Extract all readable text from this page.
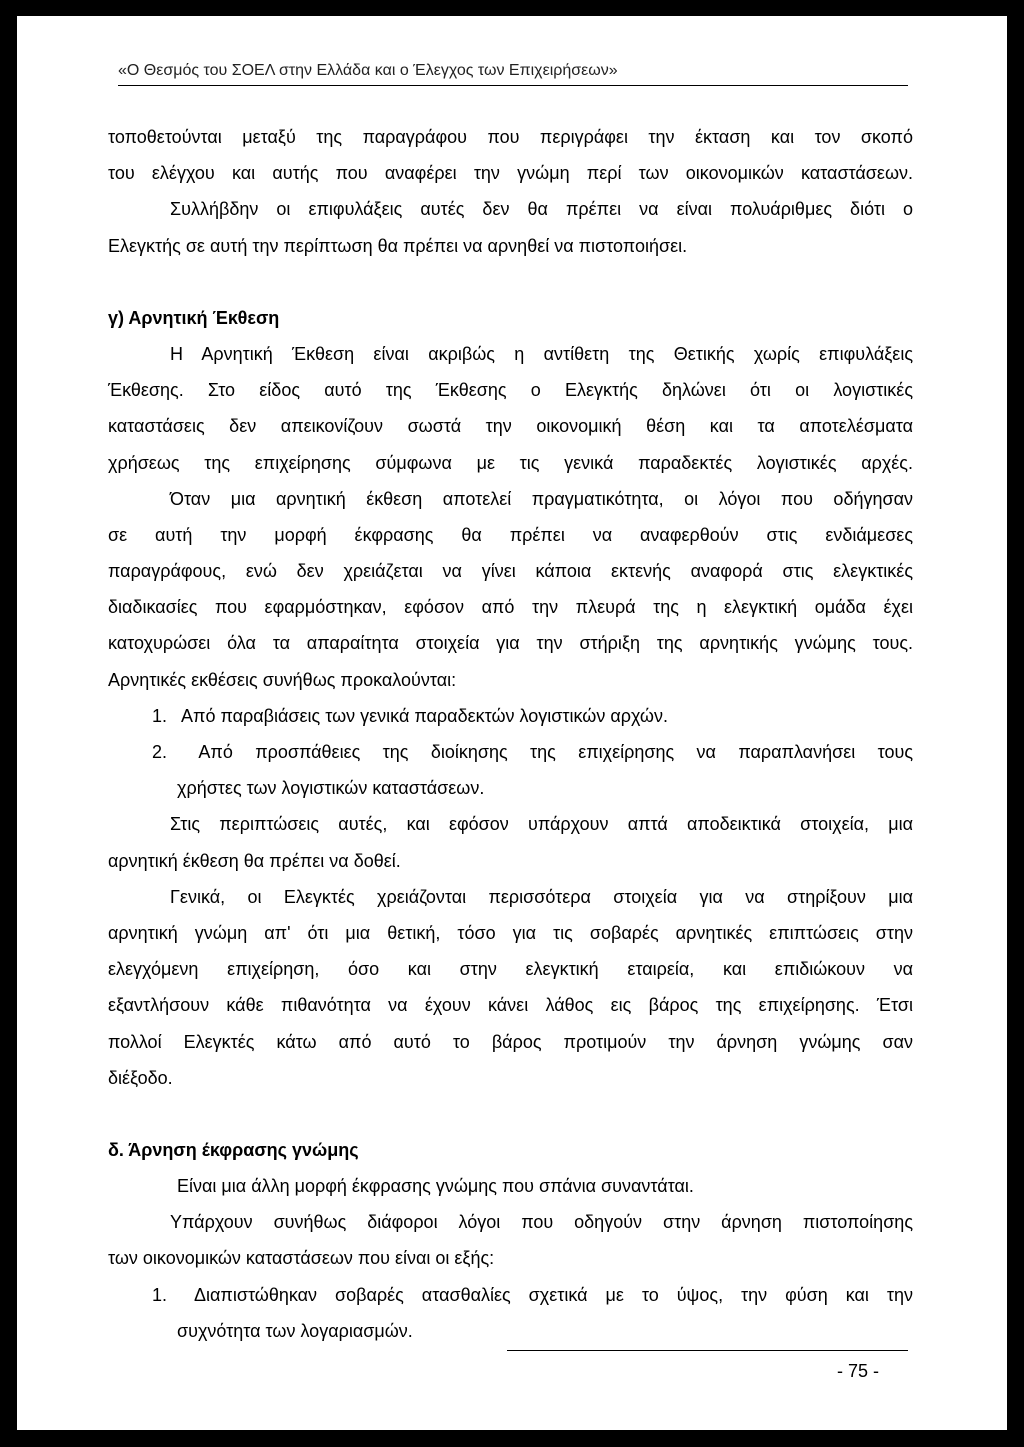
«Ο Θεσμός του ΣΟΕΛ στην Ελλάδα και ο Έλεγχος των Επιχειρήσεων»
τοποθετούνται μεταξύ της παραγράφου που περιγράφει την έκταση και τον σκοπό
του ελέγχου και αυτής που αναφέρει την γνώμη περί των οικονομικών καταστάσεων.
Συλλήβδην οι επιφυλάξεις αυτές δεν θα πρέπει να είναι πολυάριθμες διότι ο
Ελεγκτής σε αυτή την περίπτωση θα πρέπει να αρνηθεί να πιστοποιήσει.
γ) Αρνητική Έκθεση
Η Αρνητική Έκθεση είναι ακριβώς η αντίθετη της Θετικής χωρίς επιφυλάξεις
Έκθεσης. Στο είδος αυτό της Έκθεσης ο Ελεγκτής δηλώνει ότι οι λογιστικές
καταστάσεις δεν απεικονίζουν σωστά την οικονομική θέση και τα αποτελέσματα
χρήσεως της επιχείρησης σύμφωνα με τις γενικά παραδεκτές λογιστικές αρχές.
Όταν μια αρνητική έκθεση αποτελεί πραγματικότητα, οι λόγοι που οδήγησαν
σε αυτή την μορφή έκφρασης θα πρέπει να αναφερθούν στις ενδιάμεσες
παραγράφους, ενώ δεν χρειάζεται να γίνει κάποια εκτενής αναφορά στις ελεγκτικές
διαδικασίες που εφαρμόστηκαν, εφόσον από την πλευρά της η ελεγκτική ομάδα έχει
κατοχυρώσει όλα τα απαραίτητα στοιχεία για την στήριξη της αρνητικής γνώμης τους.
Αρνητικές εκθέσεις συνήθως προκαλούνται:
1. Από παραβιάσεις των γενικά παραδεκτών λογιστικών αρχών.
2. Από προσπάθειες της διοίκησης της επιχείρησης να παραπλανήσει τους
χρήστες των λογιστικών καταστάσεων.
Στις περιπτώσεις αυτές, και εφόσον υπάρχουν απτά αποδεικτικά στοιχεία, μια
αρνητική έκθεση θα πρέπει να δοθεί.
Γενικά, οι Ελεγκτές χρειάζονται περισσότερα στοιχεία για να στηρίξουν μια
αρνητική γνώμη απ' ότι μια θετική, τόσο για τις σοβαρές αρνητικές επιπτώσεις στην
ελεγχόμενη επιχείρηση, όσο και στην ελεγκτική εταιρεία, και επιδιώκουν να
εξαντλήσουν κάθε πιθανότητα να έχουν κάνει λάθος εις βάρος της επιχείρησης. Έτσι
πολλοί Ελεγκτές κάτω από αυτό το βάρος προτιμούν την άρνηση γνώμης σαν
διέξοδο.
δ. Άρνηση έκφρασης γνώμης
Είναι μια άλλη μορφή έκφρασης γνώμης που σπάνια συναντάται.
Υπάρχουν συνήθως διάφοροι λόγοι που οδηγούν στην άρνηση πιστοποίησης
των οικονομικών καταστάσεων που είναι οι εξής:
1. Διαπιστώθηκαν σοβαρές ατασθαλίες σχετικά με το ύψος, την φύση και την
συχνότητα των λογαριασμών.
- 75 -
